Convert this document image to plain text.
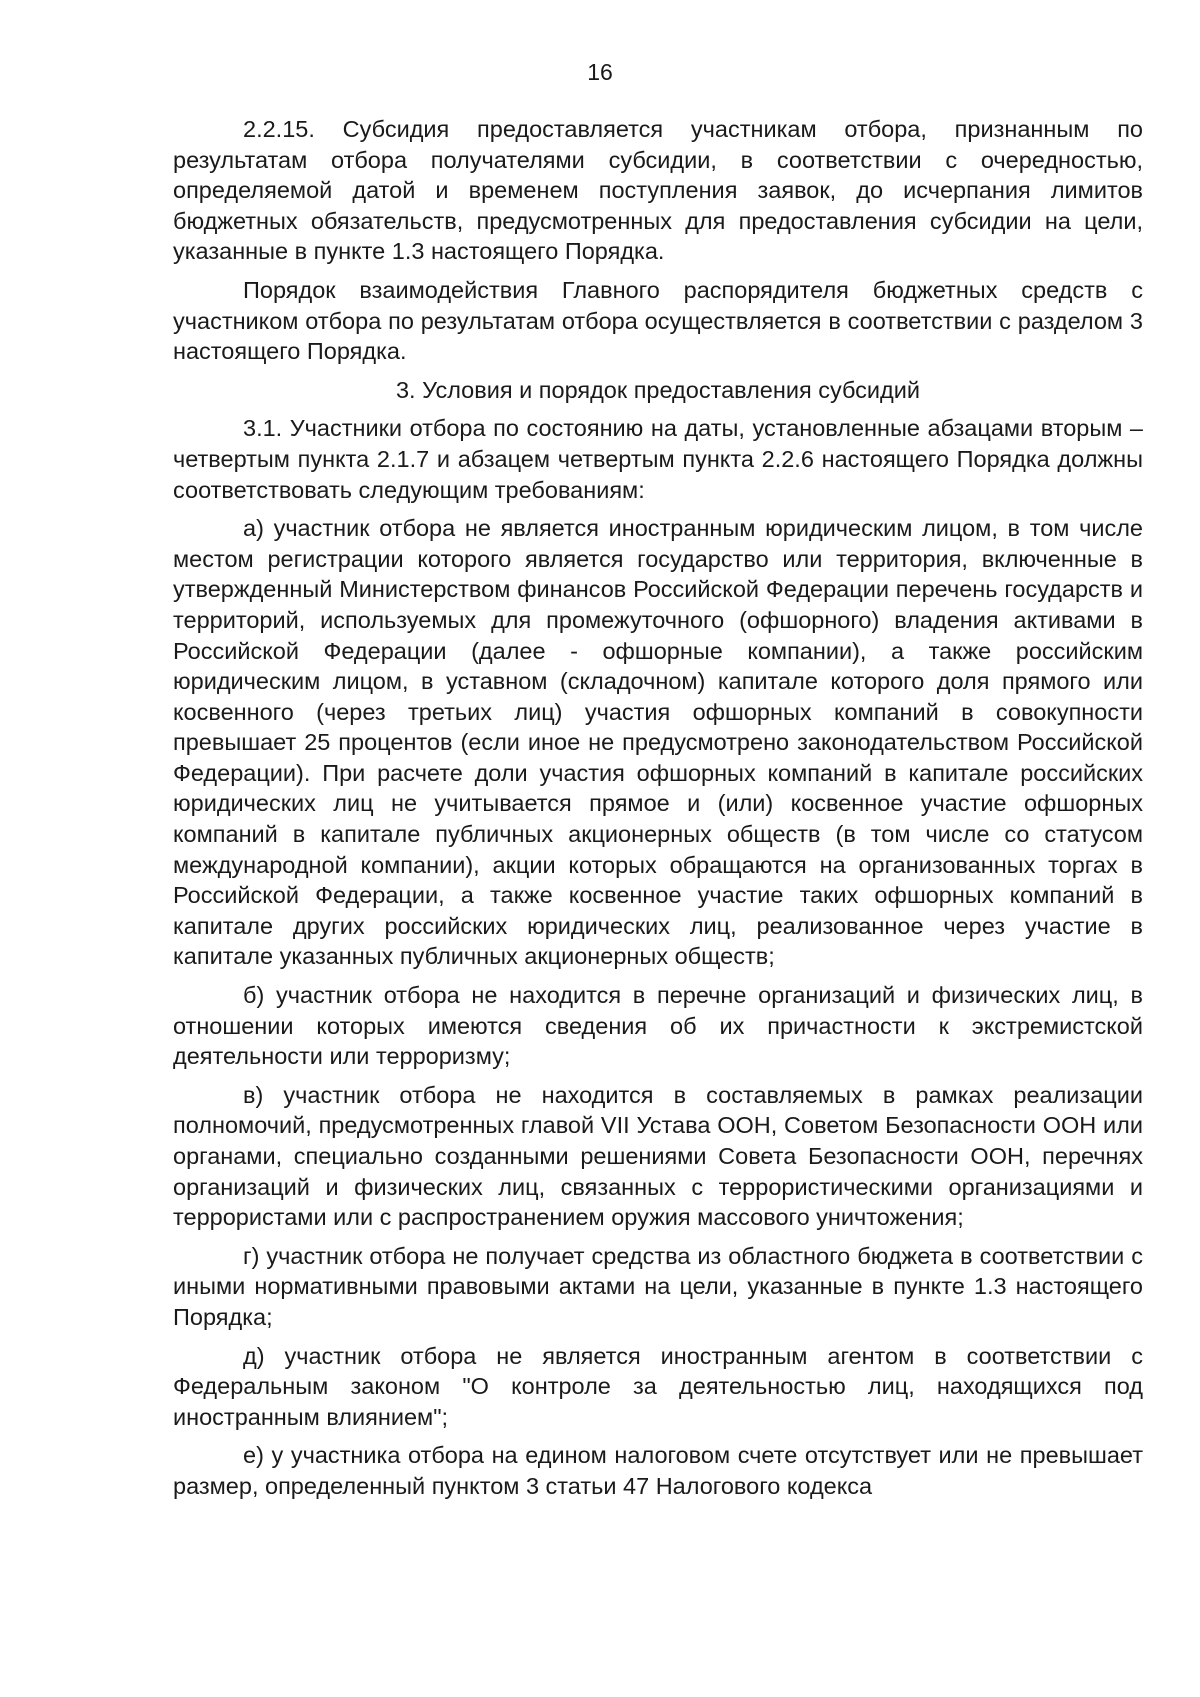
16

2.2.15. Субсидия предоставляется участникам отбора, признанным по результатам отбора получателями субсидии, в соответствии с очередностью, определяемой датой и временем поступления заявок, до исчерпания лимитов бюджетных обязательств, предусмотренных для предоставления субсидии на цели, указанные в пункте 1.3 настоящего Порядка.

Порядок взаимодействия Главного распорядителя бюджетных средств с участником отбора по результатам отбора осуществляется в соответствии с разделом 3 настоящего Порядка.

3. Условия и порядок предоставления субсидий

3.1. Участники отбора по состоянию на даты, установленные абзацами вторым – четвертым пункта 2.1.7 и абзацем четвертым пункта 2.2.6 настоящего Порядка должны соответствовать следующим требованиям:

а) участник отбора не является иностранным юридическим лицом, в том числе местом регистрации которого является государство или территория, включенные в утвержденный Министерством финансов Российской Федерации перечень государств и территорий, используемых для промежуточного (офшорного) владения активами в Российской Федерации (далее - офшорные компании), а также российским юридическим лицом, в уставном (складочном) капитале которого доля прямого или косвенного (через третьих лиц) участия офшорных компаний в совокупности превышает 25 процентов (если иное не предусмотрено законодательством Российской Федерации). При расчете доли участия офшорных компаний в капитале российских юридических лиц не учитывается прямое и (или) косвенное участие офшорных компаний в капитале публичных акционерных обществ (в том числе со статусом международной компании), акции которых обращаются на организованных торгах в Российской Федерации, а также косвенное участие таких офшорных компаний в капитале других российских юридических лиц, реализованное через участие в капитале указанных публичных акционерных обществ;

б) участник отбора не находится в перечне организаций и физических лиц, в отношении которых имеются сведения об их причастности к экстремистской деятельности или терроризму;

в) участник отбора не находится в составляемых в рамках реализации полномочий, предусмотренных главой VII Устава ООН, Советом Безопасности ООН или органами, специально созданными решениями Совета Безопасности ООН, перечнях организаций и физических лиц, связанных с террористическими организациями и террористами или с распространением оружия массового уничтожения;

г) участник отбора не получает средства из областного бюджета в соответствии с иными нормативными правовыми актами на цели, указанные в пункте 1.3 настоящего Порядка;

д) участник отбора не является иностранным агентом в соответствии с Федеральным законом "О контроле за деятельностью лиц, находящихся под иностранным влиянием";

е) у участника отбора на едином налоговом счете отсутствует или не превышает размер, определенный пунктом 3 статьи 47 Налогового кодекса
